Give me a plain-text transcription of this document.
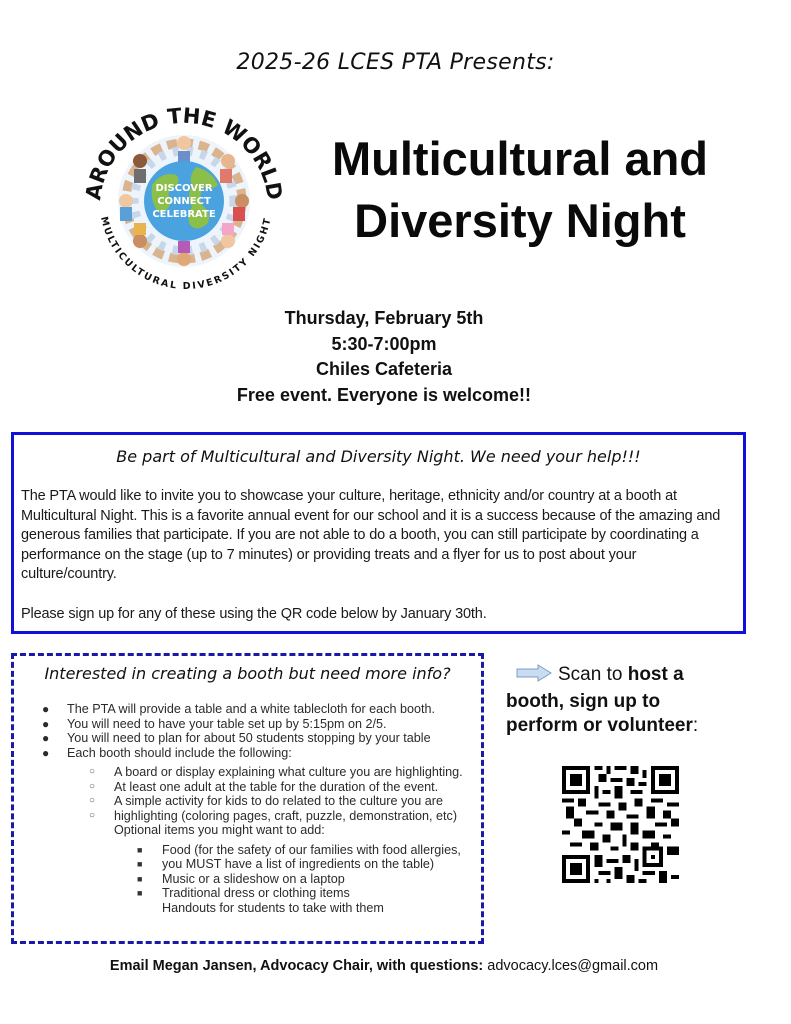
2025-26 LCES PTA Presents:
DISCOVER
CONNECT
CELEBRATE
AROUND THE WORLD
MULTICULTURAL DIVERSITY NIGHT
Multicultural and
Diversity Night
Thursday, February 5th
5:30-7:00pm
Chiles Cafeteria
Free event. Everyone is welcome!!
Be part of Multicultural and Diversity Night. We need your help!!!

The PTA would like to invite you to showcase your culture, heritage, ethnicity and/or country at a booth at Multicultural Night. This is a favorite annual event for our school and it is a success because of the amazing and generous families that participate. If you are not able to do a booth, you can still participate by coordinating a performance on the stage (up to 7 minutes) or providing treats and a flyer for us to post about your culture/country.

Please sign up for any of these using the QR code below by January 30th.

Interested in creating a booth but need more info?
● The PTA will provide a table and a white tablecloth for each booth.
● You will need to have your table set up by 5:15pm on 2/5.
● You will need to plan for about 50 students stopping by your table
● Each booth should include the following:
○ A board or display explaining what culture you are highlighting.
○ At least one adult at the table for the duration of the event.
○ A simple activity for kids to do related to the culture you are
○ highlighting (coloring pages, craft, puzzle, demonstration, etc)
Optional items you might want to add:
■ Food (for the safety of our families with food allergies,
■ you MUST have a list of ingredients on the table)
■ Music or a slideshow on a laptop
■ Traditional dress or clothing items
Handouts for students to take with them
Scan to host a
booth, sign up to
perform or volunteer:
Email Megan Jansen, Advocacy Chair, with questions: advocacy.lces@gmail.com
